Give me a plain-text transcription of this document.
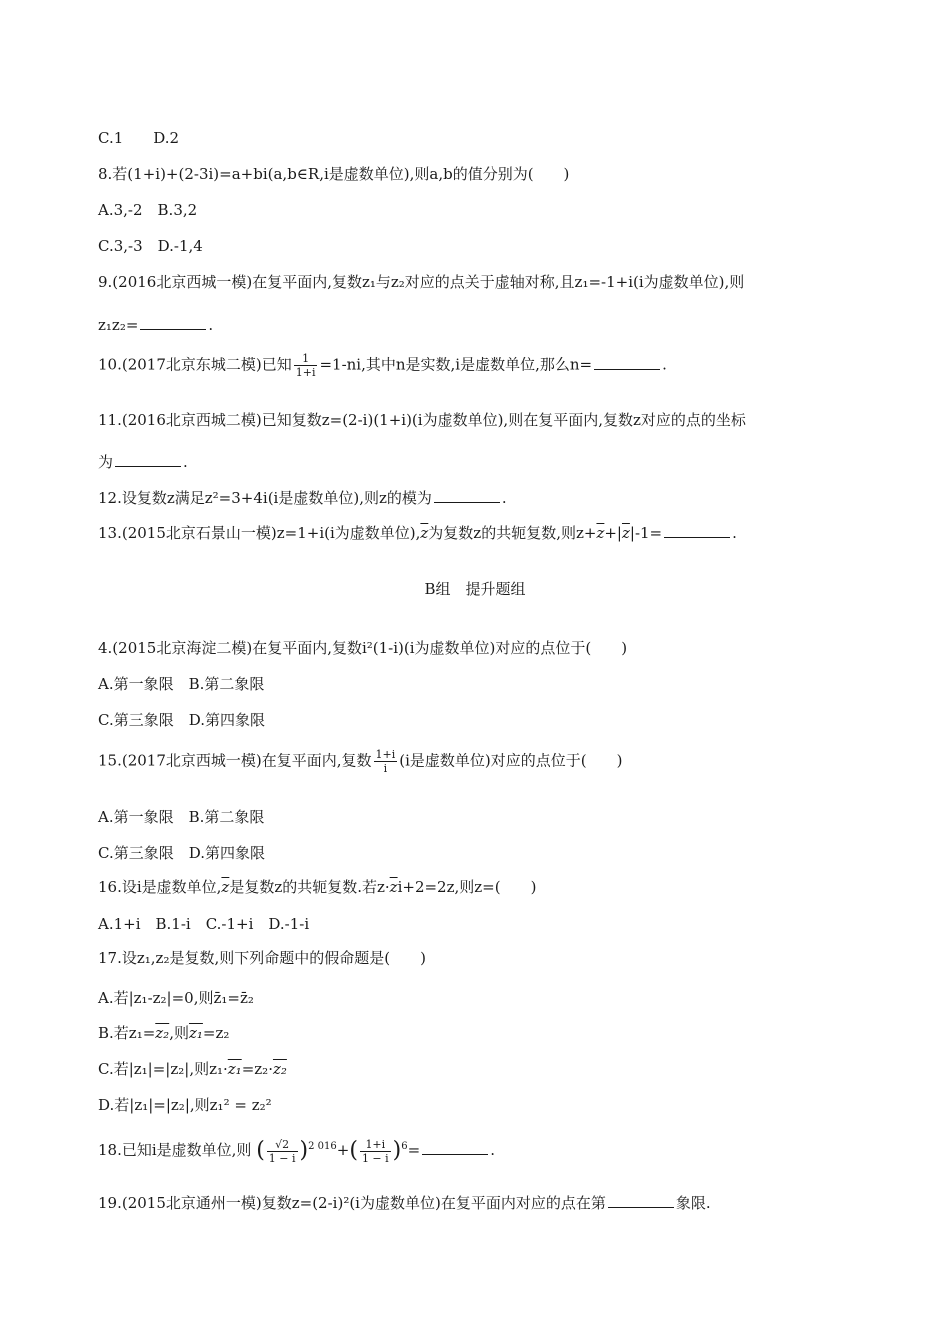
C.1　　D.2
8.若(1+i)+(2-3i)=a+bi(a,b∈R,i是虚数单位),则a,b的值分别为(　　)
A.3,-2　B.3,2
C.3,-3　D.-1,4
9.(2016北京西城一模)在复平面内,复数z₁与z₂对应的点关于虚轴对称,且z₁=-1+i(i为虚数单位),则
z₁z₂=	.
10.(2017北京东城二模)已知 $\frac{1}{1+i} =1-ni$,其中n是实数,i是虚数单位,那么n=	.
11.(2016北京西城二模)已知复数z=(2-i)(1+i)(i为虚数单位),则在复平面内,复数z对应的点的坐标
为	.
12.设复数z满足z²=3+4i(i是虚数单位),则z的模为	.
13.(2015北京石景山一模)z=1+i(i为虚数单位)$,\overline{z}$为复数z的共轭复数,则$z+\overline{z}+|\overline{z}|-1=$	.
B组　提升题组
4.(2015北京海淀二模)在复平面内,复数i²(1-i)(i为虚数单位)对应的点位于(　　)
A.第一象限　B.第二象限
C.第三象限　D.第四象限
15.(2017北京西城一模)在复平面内,复数 $\frac{1+i}{i} (i$是虚数单位)对应的点位于(　　)
A.第一象限　B.第二象限
C.第三象限　D.第四象限
16.设i是虚数单位$,\overline{z}$是复数z的共轭复数.若$z\cdot\overline{z}i+2=2z$,则z=(　　)
A.1+i　B.1-i　C.-1+i　D.-1-i
17.设z₁,z₂是复数,则下列命题中的假命题是(　　)
A.若|z₁-z₂|=0,则z̄₁=z̄₂
B.若z₁=z₂,则z₁=z₂
C.若|z₁|=|z₂|,则z₁·z₁=z₂·z₂
D.若|z₁|=|z₂|,则z₁² = z₂²
18.已知i是虚数单位,则 ( $\frac{√2}{1 - i} )^{2 016}+( \frac{1+i}{1 - i} )^6=$	.
19.(2015北京通州一模)复数z=(2-i)²(i为虚数单位)在复平面内对应的点在第	象限.
